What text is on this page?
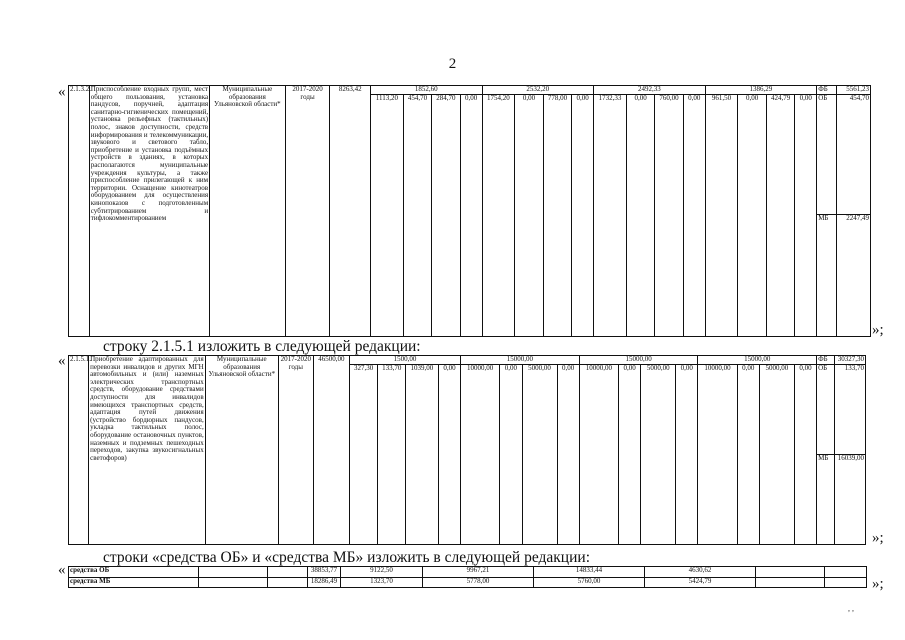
2
« 2.1.3.2.	Приспособление входных групп, мест общего пользования, установка пандусов, поручней, адаптация санитарно-гигиенических помещений, установка рельефных (тактильных) полос, знаков доступности, средств информирования и телекоммуникации, звукового и светового табло, приобретение и установка подъёмных устройств в зданиях, в которых располагаются муниципальные учреждения культуры, а также приспособление прилегающей к ним территории. Оснащение кинотеатров оборудованием для осуществления кинопоказов с подготовленным субтитрированием и тифлокомментированием	Муниципальные образования Ульяновской области*	2017-2020 годы	8263,42	1852,60				2532,20				2492,33				1386,29				ФБ	5561,23
					1113,20	454,70	284,70	0,00	1754,20	0,00	778,00	0,00	1732,33	0,00	760,00	0,00	961,50	0,00	424,79	0,00	ОБ	454,70
																					МБ	2247,49
»;
строку 2.1.5.1 изложить в следующей редакции:
« 2.1.5.1.	Приобретение адаптированных для перевозки инвалидов и других МГН автомобильных и (или) наземных электрических транспортных средств, оборудование средствами доступности для инвалидов имеющихся транспортных средств, адаптация путей движения (устройство бордюрных пандусов, укладка тактильных полос, оборудование остановочных пунктов, наземных и подземных пешеходных переходов, закупка звукосигнальных светофоров)	Муниципальные образования Ульяновской области*	2017-2020 годы	46500,00	1500,00				15000,00				15000,00				15000,00				ФБ	30327,30
					327,30	133,70	1039,00	0,00	10000,00	0,00	5000,00	0,00	10000,00	0,00	5000,00	0,00	10000,00	0,00	5000,00	0,00	ОБ	133,70
																					МБ	16039,00
»;
строки «средства ОБ» и «средства МБ» изложить в следующей редакции:
« средства ОБ			38853,77	9122,50	9967,21	14833,44	4630,62		
средства МБ			18286,49	1323,70	5778,00	5760,00	5424,79			»;
, ,
